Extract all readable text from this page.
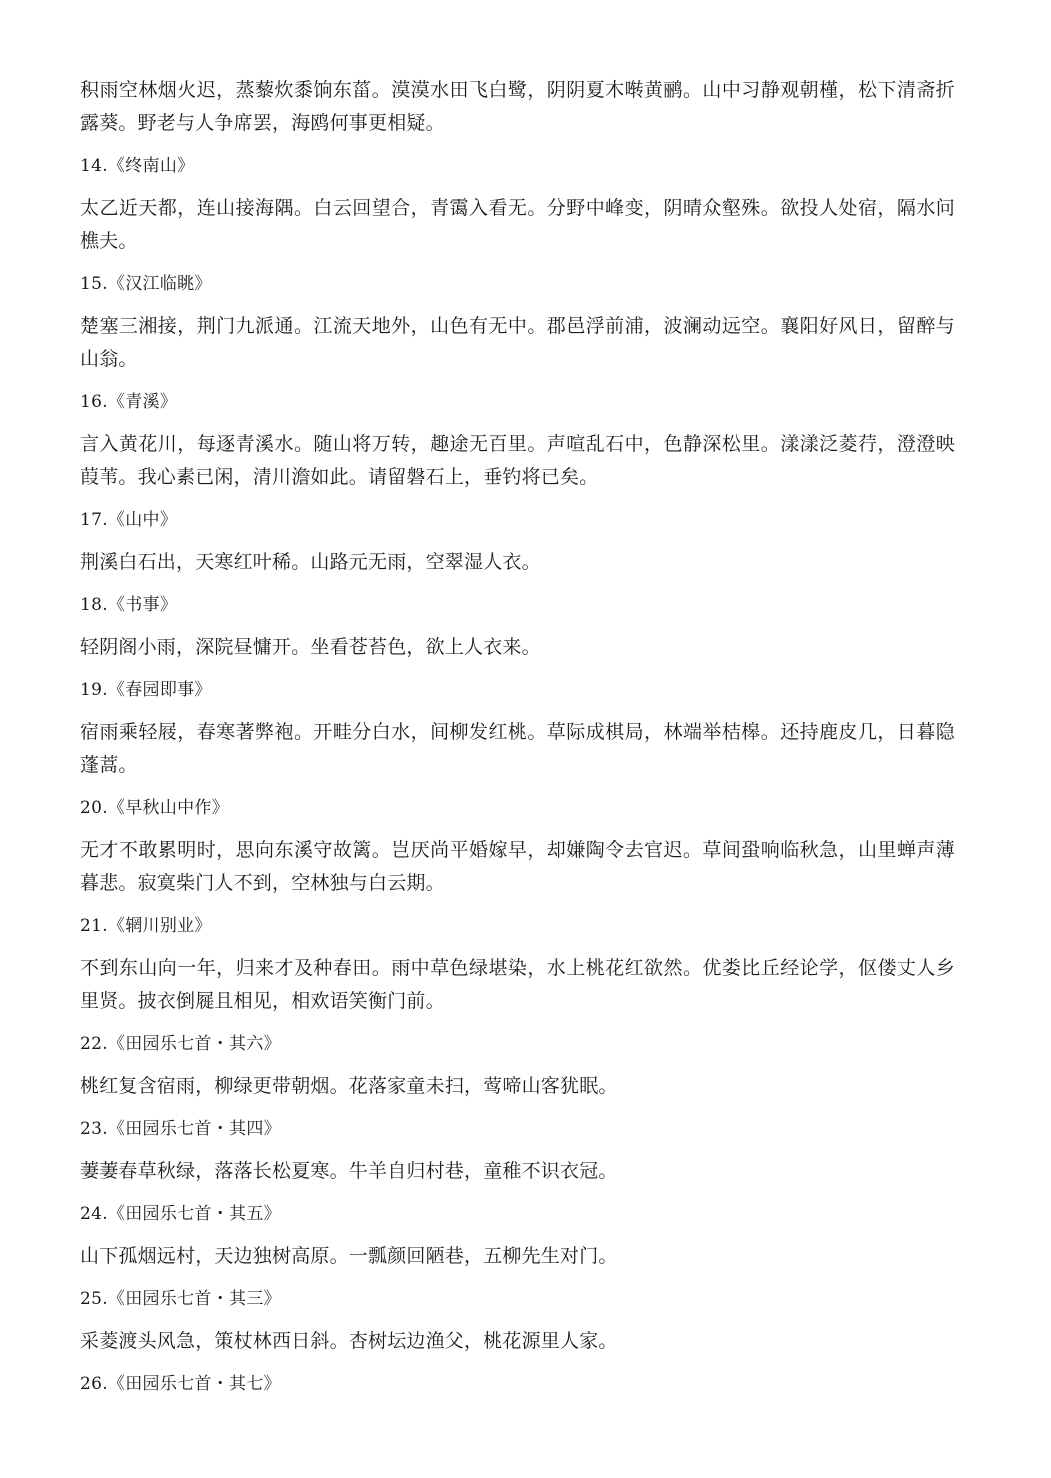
积雨空林烟火迟，蒸藜炊黍饷东菑。漠漠水田飞白鹭，阴阴夏木啭黄鹂。山中习静观朝槿，松下清斋折露葵。野老与人争席罢，海鸥何事更相疑。

14.《终南山》

太乙近天都，连山接海隅。白云回望合，青霭入看无。分野中峰变，阴晴众壑殊。欲投人处宿，隔水问樵夫。

15.《汉江临眺》

楚塞三湘接，荆门九派通。江流天地外，山色有无中。郡邑浮前浦，波澜动远空。襄阳好风日，留醉与山翁。

16.《青溪》

言入黄花川，每逐青溪水。随山将万转，趣途无百里。声喧乱石中，色静深松里。漾漾泛菱荇，澄澄映葭苇。我心素已闲，清川澹如此。请留磐石上，垂钓将已矣。

17.《山中》

荆溪白石出，天寒红叶稀。山路元无雨，空翠湿人衣。

18.《书事》

轻阴阁小雨，深院昼慵开。坐看苍苔色，欲上人衣来。

19.《春园即事》

宿雨乘轻屐，春寒著弊袍。开畦分白水，间柳发红桃。草际成棋局，林端举桔槔。还持鹿皮几，日暮隐蓬蒿。

20.《早秋山中作》

无才不敢累明时，思向东溪守故篱。岂厌尚平婚嫁早，却嫌陶令去官迟。草间蛩响临秋急，山里蝉声薄暮悲。寂寞柴门人不到，空林独与白云期。

21.《辋川别业》

不到东山向一年，归来才及种春田。雨中草色绿堪染，水上桃花红欲然。优娄比丘经论学，伛偻丈人乡里贤。披衣倒屣且相见，相欢语笑衡门前。

22.《田园乐七首・其六》

桃红复含宿雨，柳绿更带朝烟。花落家童未扫，莺啼山客犹眠。

23.《田园乐七首・其四》

萋萋春草秋绿，落落长松夏寒。牛羊自归村巷，童稚不识衣冠。

24.《田园乐七首・其五》

山下孤烟远村，天边独树高原。一瓢颜回陋巷，五柳先生对门。

25.《田园乐七首・其三》

采菱渡头风急，策杖林西日斜。杏树坛边渔父，桃花源里人家。

26.《田园乐七首・其七》
